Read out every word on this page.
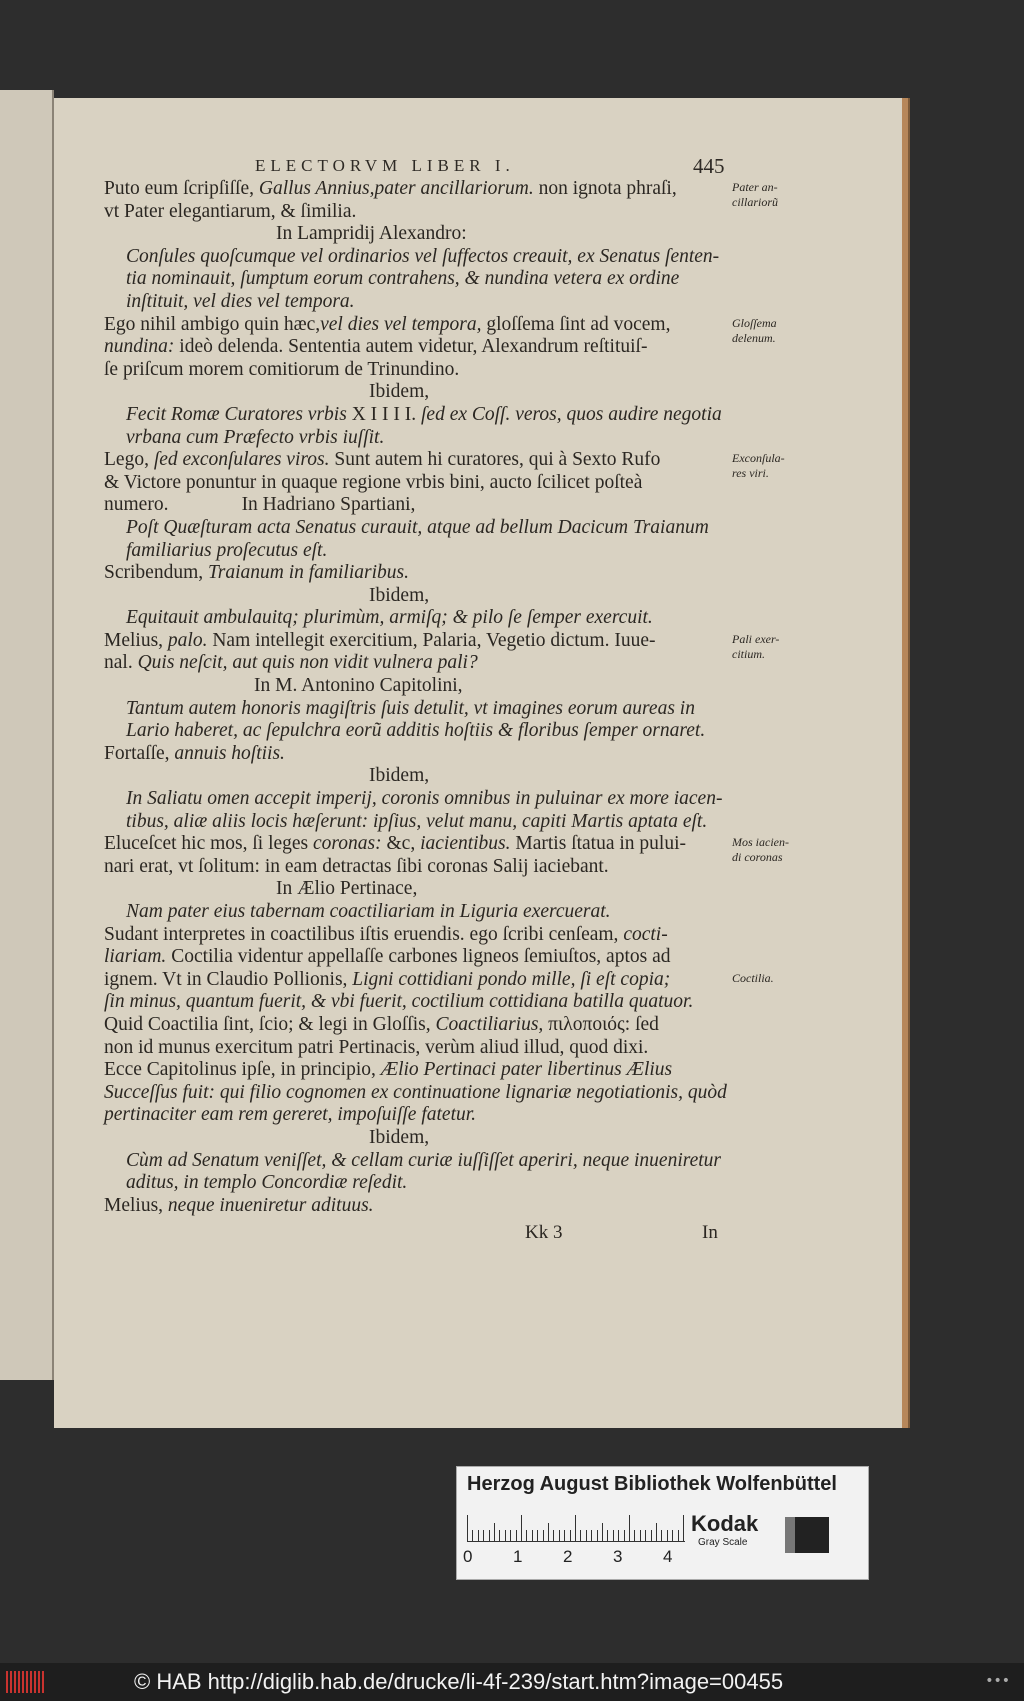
ELECTORVM LIBER I.	445
Puto eum ſcripſiſſe, Gallus Annius,pater ancillariorum. non ignota phraſi,
vt Pater elegantiarum, & ſimilia.
In Lampridij Alexandro:
Conſules quoſcumque vel ordinarios vel ſuffectos creauit, ex Senatus ſenten-
tia nominauit, ſumptum eorum contrahens, & nundina vetera ex ordine
inſtituit, vel dies vel tempora.
Ego nihil ambigo quin hæc,vel dies vel tempora, gloſſema ſint ad vocem,
nundina: ideò delenda. Sententia autem videtur, Alexandrum reſtituiſ-
ſe priſcum morem comitiorum de Trinundino.
Ibidem,
Fecit Romæ Curatores vrbis X I I I I. ſed ex Coſſ. veros, quos audire negotia
vrbana cum Præfecto vrbis iuſſit.
Lego, ſed exconſulares viros. Sunt autem hi curatores, qui à Sexto Rufo
& Victore ponuntur in quaque regione vrbis bini, aucto ſcilicet poſteà
numero.               In Hadriano Spartiani,
Poſt Quæſturam acta Senatus curauit, atque ad bellum Dacicum Traianum
familiarius proſecutus eſt.
Scribendum, Traianum in familiaribus.
Ibidem,
Equitauit ambulauitq; plurimùm, armiſq; & pilo ſe ſemper exercuit.
Melius, palo. Nam intellegit exercitium, Palaria, Vegetio dictum. Iuue-
nal. Quis neſcit, aut quis non vidit vulnera pali?
In M. Antonino Capitolini,
Tantum autem honoris magiſtris ſuis detulit, vt imagines eorum aureas in
Lario haberet, ac ſepulchra eorũ additis hoſtiis & floribus ſemper ornaret.
Fortaſſe, annuis hoſtiis.
Ibidem,
In Saliatu omen accepit imperij, coronis omnibus in puluinar ex more iacen-
tibus, aliæ aliis locis hæſerunt: ipſius, velut manu, capiti Martis aptata eſt.
Eluceſcet hic mos, ſi leges coronas: &c, iacientibus. Martis ſtatua in pului-
nari erat, vt ſolitum: in eam detractas ſibi coronas Salij iaciebant.
In Ælio Pertinace,
Nam pater eius tabernam coactiliariam in Liguria exercuerat.
Sudant interpretes in coactilibus iſtis eruendis. ego ſcribi cenſeam, cocti-
liariam. Coctilia videntur appellaſſe carbones ligneos ſemiuſtos, aptos ad
ignem. Vt in Claudio Pollionis, Ligni cottidiani pondo mille, ſi eſt copia;
ſin minus, quantum fuerit, & vbi fuerit, coctilium cottidiana batilla quatuor.
Quid Coactilia ſint, ſcio; & legi in Gloſſis, Coactiliarius, πιλοποιός: ſed
non id munus exercitum patri Pertinacis, verùm aliud illud, quod dixi.
Ecce Capitolinus ipſe, in principio, Ælio Pertinaci pater libertinus Ælius
Succeſſus fuit: qui filio cognomen ex continuatione lignariæ negotiationis, quòd
pertinaciter eam rem gereret, impoſuiſſe fatetur.
Ibidem,
Cùm ad Senatum veniſſet, & cellam curiæ iuſſiſſet aperiri, neque inueniretur
aditus, in templo Concordiæ reſedit.
Melius, neque inueniretur adituus.
Pater an-
cillariorũ
Gloſſema
delenum.
Exconſula-
res viri.
Pali exer-
citium.
Mos iacien-
di coronas
Coctilia.
Kk 3	In
Herzog August Bibliothek Wolfenbüttel
0 1 2 3 4
Kodak
Gray Scale
© HAB http://diglib.hab.de/drucke/li-4f-239/start.htm?image=00455	•••
